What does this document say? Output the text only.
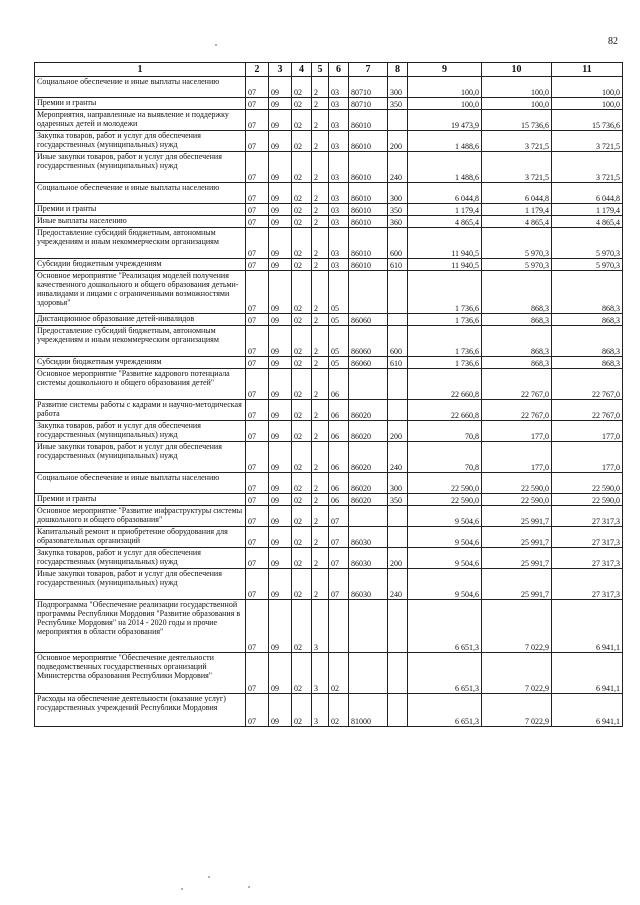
82
1	2	3	4	5	6	7	8	9	10	11
Социальное обеспечение и иные выплаты населению	07	09	02	2	03	80710	300	100,0	100,0	100,0
Премии и гранты	07	09	02	2	03	80710	350	100,0	100,0	100,0
Мероприятия, направленные на выявление и поддержку одаренных детей и молодежи	07	09	02	2	03	86010		19 473,9	15 736,6	15 736,6
Закупка товаров, работ и услуг для обеспечения государственных (муниципальных) нужд	07	09	02	2	03	86010	200	1 488,6	3 721,5	3 721,5
Иные закупки товаров, работ и услуг для обеспечения государственных (муниципальных) нужд	07	09	02	2	03	86010	240	1 488,6	3 721,5	3 721,5
Социальное обеспечение и иные выплаты населению	07	09	02	2	03	86010	300	6 044,8	6 044,8	6 044,8
Премии и гранты	07	09	02	2	03	86010	350	1 179,4	1 179,4	1 179,4
Иные выплаты населению	07	09	02	2	03	86010	360	4 865,4	4 865,4	4 865,4
Предоставление субсидий бюджетным, автономным учреждениям и иным некоммерческим организациям	07	09	02	2	03	86010	600	11 940,5	5 970,3	5 970,3
Субсидии бюджетным учреждениям	07	09	02	2	03	86010	610	11 940,5	5 970,3	5 970,3
Основное мероприятие "Реализация моделей получения качественного дошкольного и общего образования детьми-инвалидами и лицами с ограниченными возможностями здоровья"	07	09	02	2	05			1 736,6	868,3	868,3
Дистанционное образование детей-инвалидов	07	09	02	2	05	86060		1 736,6	868,3	868,3
Предоставление субсидий бюджетным, автономным учреждениям и иным некоммерческим организациям	07	09	02	2	05	86060	600	1 736,6	868,3	868,3
Субсидии бюджетным учреждениям	07	09	02	2	05	86060	610	1 736,6	868,3	868,3
Основное мероприятие "Развитие кадрового потенциала системы дошкольного и общего образования детей"	07	09	02	2	06			22 660,8	22 767,0	22 767,0
Развитие системы работы с кадрами и научно-методическая работа	07	09	02	2	06	86020		22 660,8	22 767,0	22 767,0
Закупка товаров, работ и услуг для обеспечения государственных (муниципальных) нужд	07	09	02	2	06	86020	200	70,8	177,0	177,0
Иные закупки товаров, работ и услуг для обеспечения государственных (муниципальных) нужд	07	09	02	2	06	86020	240	70,8	177,0	177,0
Социальное обеспечение и иные выплаты населению	07	09	02	2	06	86020	300	22 590,0	22 590,0	22 590,0
Премии и гранты	07	09	02	2	06	86020	350	22 590,0	22 590,0	22 590,0
Основное мероприятие "Развитие инфраструктуры системы дошкольного и общего образования"	07	09	02	2	07			9 504,6	25 991,7	27 317,3
Капитальный ремонт и приобретение оборудования для образовательных организаций	07	09	02	2	07	86030		9 504,6	25 991,7	27 317,3
Закупка товаров, работ и услуг для обеспечения государственных (муниципальных) нужд	07	09	02	2	07	86030	200	9 504,6	25 991,7	27 317,3
Иные закупки товаров, работ и услуг для обеспечения государственных (муниципальных) нужд	07	09	02	2	07	86030	240	9 504,6	25 991,7	27 317,3
Подпрограмма "Обеспечение реализации государственной программы Республики Мордовия "Развитие образования в Республике Мордовия" на 2014 - 2020 годы и прочие мероприятия в области образования"	07	09	02	3				6 651,3	7 022,9	6 941,1
Основное мероприятие "Обеспечение деятельности подведомственных государственных организаций Министерства образования Республики Мордовия"	07	09	02	3	02			6 651,3	7 022,9	6 941,1
Расходы на обеспечение деятельности (оказание услуг) государственных учреждений Республики Мордовия	07	09	02	3	02	81000		6 651,3	7 022,9	6 941,1
